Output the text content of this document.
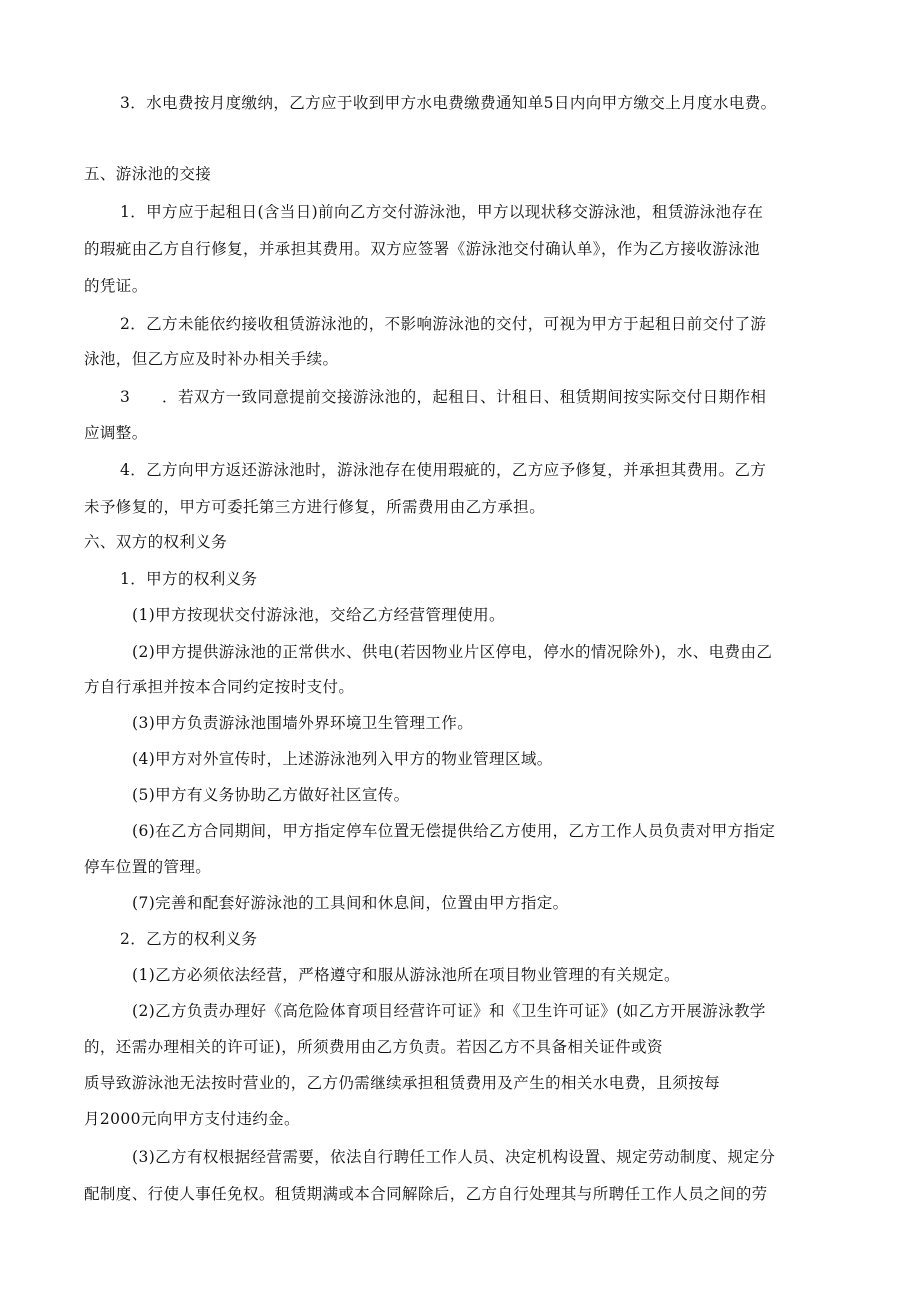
3．水电费按月度缴纳，乙方应于收到甲方水电费缴费通知单5日内向甲方缴交上月度水电费。
五、游泳池的交接
1．甲方应于起租日(含当日)前向乙方交付游泳池，甲方以现状移交游泳池，租赁游泳池存在
的瑕疵由乙方自行修复，并承担其费用。双方应签署《游泳池交付确认单》，作为乙方接收游泳池
的凭证。
2．乙方未能依约接收租赁游泳池的，不影响游泳池的交付，可视为甲方于起租日前交付了游
泳池，但乙方应及时补办相关手续。
3　　．若双方一致同意提前交接游泳池的，起租日、计租日、租赁期间按实际交付日期作相
应调整。
4．乙方向甲方返还游泳池时，游泳池存在使用瑕疵的，乙方应予修复，并承担其费用。乙方
未予修复的，甲方可委托第三方进行修复，所需费用由乙方承担。
六、双方的权利义务
1．甲方的权利义务
(1)甲方按现状交付游泳池，交给乙方经营管理使用。
(2)甲方提供游泳池的正常供水、供电(若因物业片区停电，停水的情况除外)，水、电费由乙
方自行承担并按本合同约定按时支付。
(3)甲方负责游泳池围墙外界环境卫生管理工作。
(4)甲方对外宣传时，上述游泳池列入甲方的物业管理区域。
(5)甲方有义务协助乙方做好社区宣传。
(6)在乙方合同期间，甲方指定停车位置无偿提供给乙方使用，乙方工作人员负责对甲方指定
停车位置的管理。
(7)完善和配套好游泳池的工具间和休息间，位置由甲方指定。
2．乙方的权利义务
(1)乙方必须依法经营，严格遵守和服从游泳池所在项目物业管理的有关规定。
(2)乙方负责办理好《高危险体育项目经营许可证》和《卫生许可证》(如乙方开展游泳教学
的，还需办理相关的许可证)，所须费用由乙方负责。若因乙方不具备相关证件或资
质导致游泳池无法按时营业的，乙方仍需继续承担租赁费用及产生的相关水电费，且须按每
月2000元向甲方支付违约金。
(3)乙方有权根据经营需要，依法自行聘任工作人员、决定机构设置、规定劳动制度、规定分
配制度、行使人事任免权。租赁期满或本合同解除后，乙方自行处理其与所聘任工作人员之间的劳
